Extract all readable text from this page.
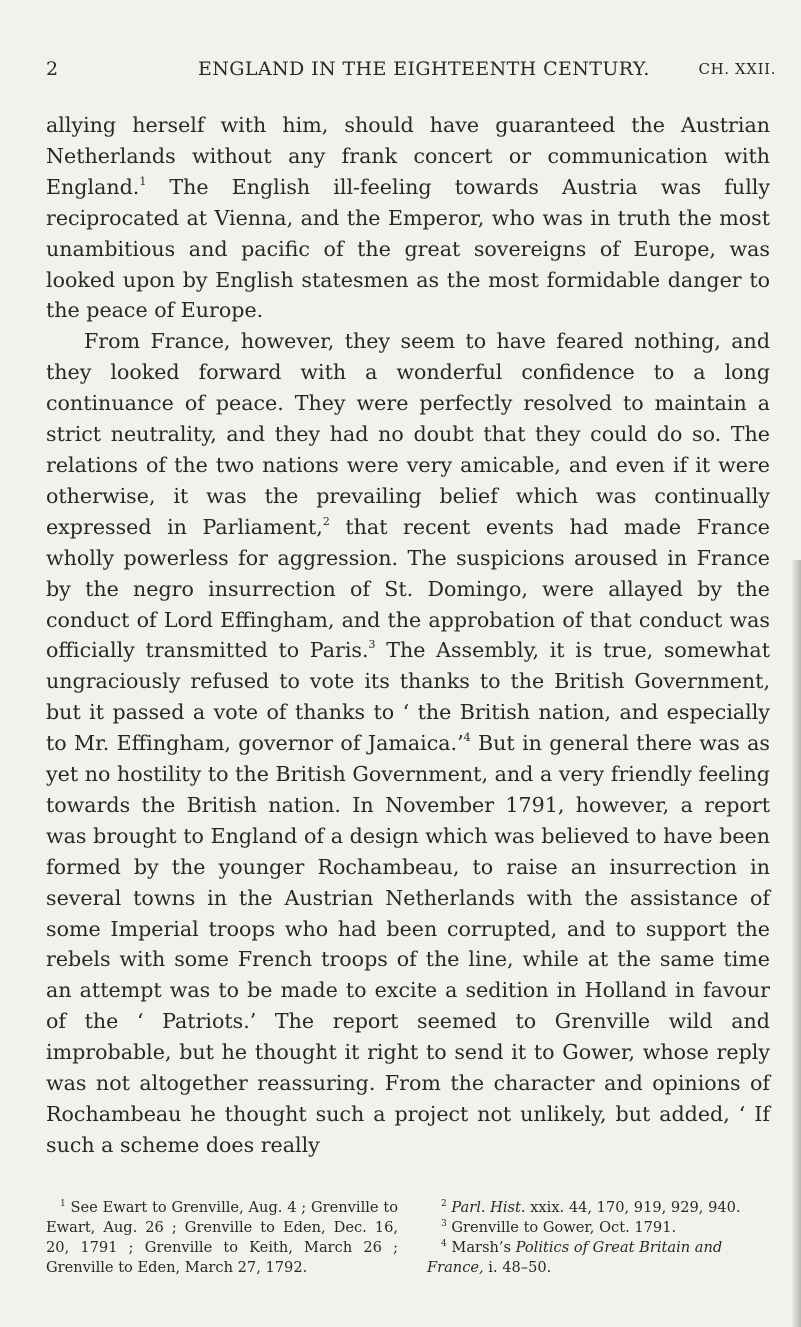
2	ENGLAND IN THE EIGHTEENTH CENTURY.	CH. XXII.

allying herself with him, should have guaranteed the Austrian Netherlands without any frank concert or communication with England.$^1$ The English ill-feeling towards Austria was fully reciprocated at Vienna, and the Emperor, who was in truth the most unambitious and pacific of the great sovereigns of Europe, was looked upon by English statesmen as the most formidable danger to the peace of Europe.

From France, however, they seem to have feared nothing, and they looked forward with a wonderful confidence to a long continuance of peace. They were perfectly resolved to maintain a strict neutrality, and they had no doubt that they could do so. The relations of the two nations were very amicable, and even if it were otherwise, it was the prevailing belief which was continually expressed in Parliament,$^2$ that recent events had made France wholly powerless for aggression. The suspicions aroused in France by the negro insurrection of St. Domingo, were allayed by the conduct of Lord Effingham, and the approbation of that conduct was officially transmitted to Paris.$^3$ The Assembly, it is true, somewhat ungraciously refused to vote its thanks to the British Government, but it passed a vote of thanks to ‘ the British nation, and especially to Mr. Effingham, governor of Jamaica.’$^4$ But in general there was as yet no hostility to the British Government, and a very friendly feeling towards the British nation. In November 1791, however, a report was brought to England of a design which was believed to have been formed by the younger Rochambeau, to raise an insurrection in several towns in the Austrian Netherlands with the assistance of some Imperial troops who had been corrupted, and to support the rebels with some French troops of the line, while at the same time an attempt was to be made to excite a sedition in Holland in favour of the ‘ Patriots.’ The report seemed to Grenville wild and improbable, but he thought it right to send it to Gower, whose reply was not altogether reassuring. From the character and opinions of Rochambeau he thought such a project not unlikely, but added, ‘ If such a scheme does really

$^1$ See Ewart to Grenville, Aug. 4 ; Grenville to Ewart, Aug. 26 ; Grenville to Eden, Dec. 16, 20, 1791 ; Grenville to Keith, March 26 ; Grenville to Eden, March 27, 1792.

$^2$ Parl. Hist. xxix. 44, 170, 919, 929, 940.

$^3$ Grenville to Gower, Oct. 1791.

$^4$ Marsh’s Politics of Great Britain and France, i. 48–50.
